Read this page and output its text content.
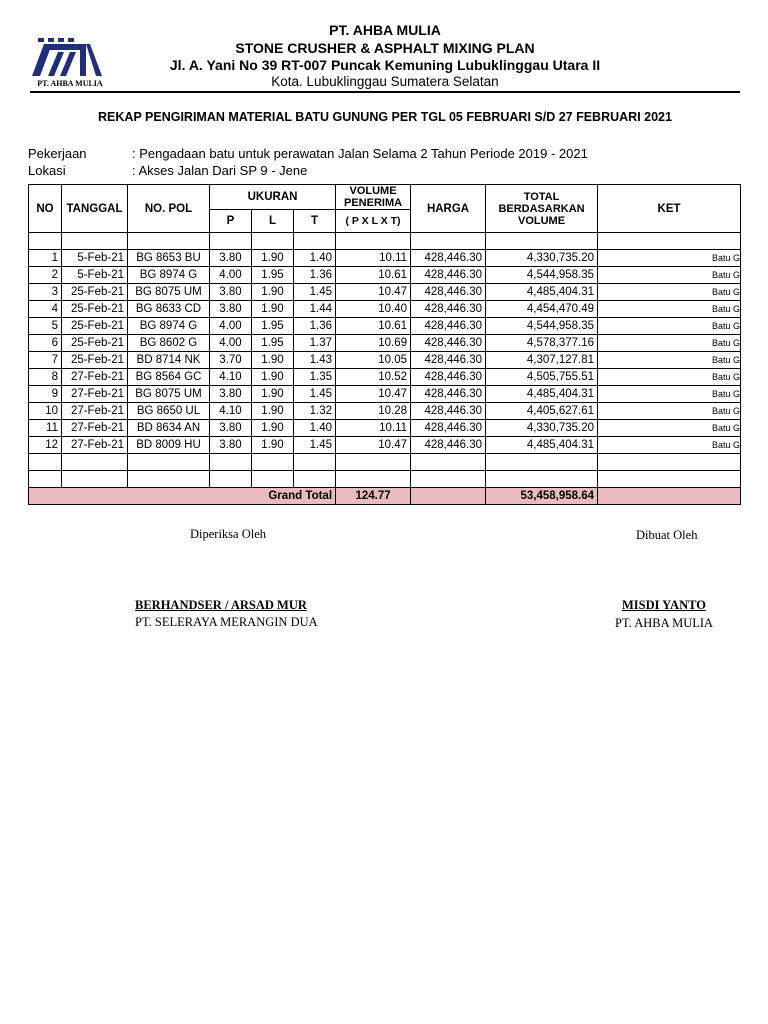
PT. AHBA MULIA
PT. AHBA MULIA
STONE CRUSHER & ASPHALT MIXING PLAN
Jl. A. Yani No 39 RT-007 Puncak Kemuning Lubuklinggau Utara II
Kota. Lubuklinggau Sumatera Selatan
REKAP PENGIRIMAN MATERIAL BATU GUNUNG PER TGL 05 FEBRUARI S/D 27 FEBRUARI 2021
Pekerjaan	: Pengadaan batu untuk perawatan Jalan Selama 2 Tahun Periode 2019 - 2021
Lokasi	: Akses Jalan Dari SP 9 - Jene
NO	TANGGAL	NO. POL	UKURAN			VOLUME PENERIMA	HARGA	TOTAL BERDASARKAN VOLUME	KET
			P	L	T	( P X L X T)			

1	5-Feb-21	BG 8653 BU	3.80	1.90	1.40	10.11	428,446.30	4,330,735.20	Batu G
2	5-Feb-21	BG 8974 G	4.00	1.95	1.36	10.61	428,446.30	4,544,958.35	Batu G
3	25-Feb-21	BG 8075 UM	3.80	1.90	1.45	10.47	428,446.30	4,485,404.31	Batu G
4	25-Feb-21	BG 8633 CD	3.80	1.90	1.44	10.40	428,446.30	4,454,470.49	Batu G
5	25-Feb-21	BG 8974 G	4.00	1.95	1.36	10.61	428,446.30	4,544,958.35	Batu G
6	25-Feb-21	BG 8602 G	4.00	1.95	1.37	10.69	428,446.30	4,578,377.16	Batu G
7	25-Feb-21	BD 8714 NK	3.70	1.90	1.43	10.05	428,446.30	4,307,127.81	Batu G
8	27-Feb-21	BG 8564 GC	4.10	1.90	1.35	10.52	428,446.30	4,505,755.51	Batu G
9	27-Feb-21	BG 8075 UM	3.80	1.90	1.45	10.47	428,446.30	4,485,404.31	Batu G
10	27-Feb-21	BG 8650 UL	4.10	1.90	1.32	10.28	428,446.30	4,405,627.61	Batu G
11	27-Feb-21	BD 8634 AN	3.80	1.90	1.40	10.11	428,446.30	4,330,735.20	Batu G
12	27-Feb-21	BD 8009 HU	3.80	1.90	1.45	10.47	428,446.30	4,485,404.31	Batu G

Grand Total						124.77		53,458,958.64	
Diperiksa Oleh	Dibuat Oleh
BERHANDSER / ARSAD MUR
PT. SELERAYA MERANGIN DUA
MISDI YANTO
PT. AHBA MULIA
